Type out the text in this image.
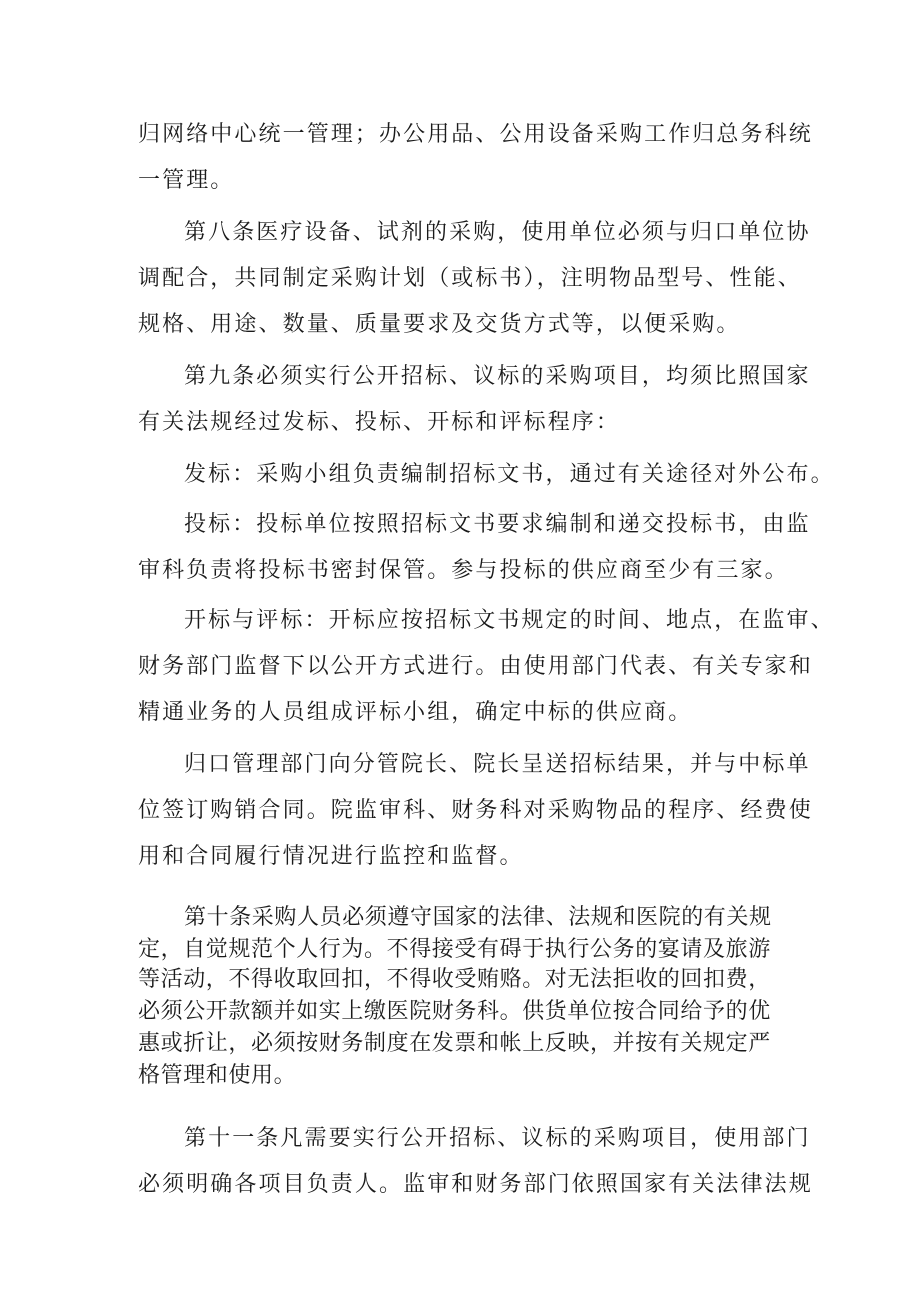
归网络中心统一管理；办公用品、公用设备采购工作归总务科统

一管理。

第八条医疗设备、试剂的采购，使用单位必须与归口单位协

调配合，共同制定采购计划（或标书），注明物品型号、性能、

规格、用途、数量、质量要求及交货方式等，以便采购。

第九条必须实行公开招标、议标的采购项目，均须比照国家

有关法规经过发标、投标、开标和评标程序：

发标：采购小组负责编制招标文书，通过有关途径对外公布。

投标：投标单位按照招标文书要求编制和递交投标书，由监

审科负责将投标书密封保管。参与投标的供应商至少有三家。

开标与评标：开标应按招标文书规定的时间、地点，在监审、

财务部门监督下以公开方式进行。由使用部门代表、有关专家和

精通业务的人员组成评标小组，确定中标的供应商。

归口管理部门向分管院长、院长呈送招标结果，并与中标单

位签订购销合同。院监审科、财务科对采购物品的程序、经费使

用和合同履行情况进行监控和监督。

第十条采购人员必须遵守国家的法律、法规和医院的有关规

定，自觉规范个人行为。不得接受有碍于执行公务的宴请及旅游

等活动，不得收取回扣，不得收受贿赂。对无法拒收的回扣费，

必须公开款额并如实上缴医院财务科。供货单位按合同给予的优

惠或折让，必须按财务制度在发票和帐上反映，并按有关规定严

格管理和使用。

第十一条凡需要实行公开招标、议标的采购项目，使用部门

必须明确各项目负责人。监审和财务部门依照国家有关法律法规
